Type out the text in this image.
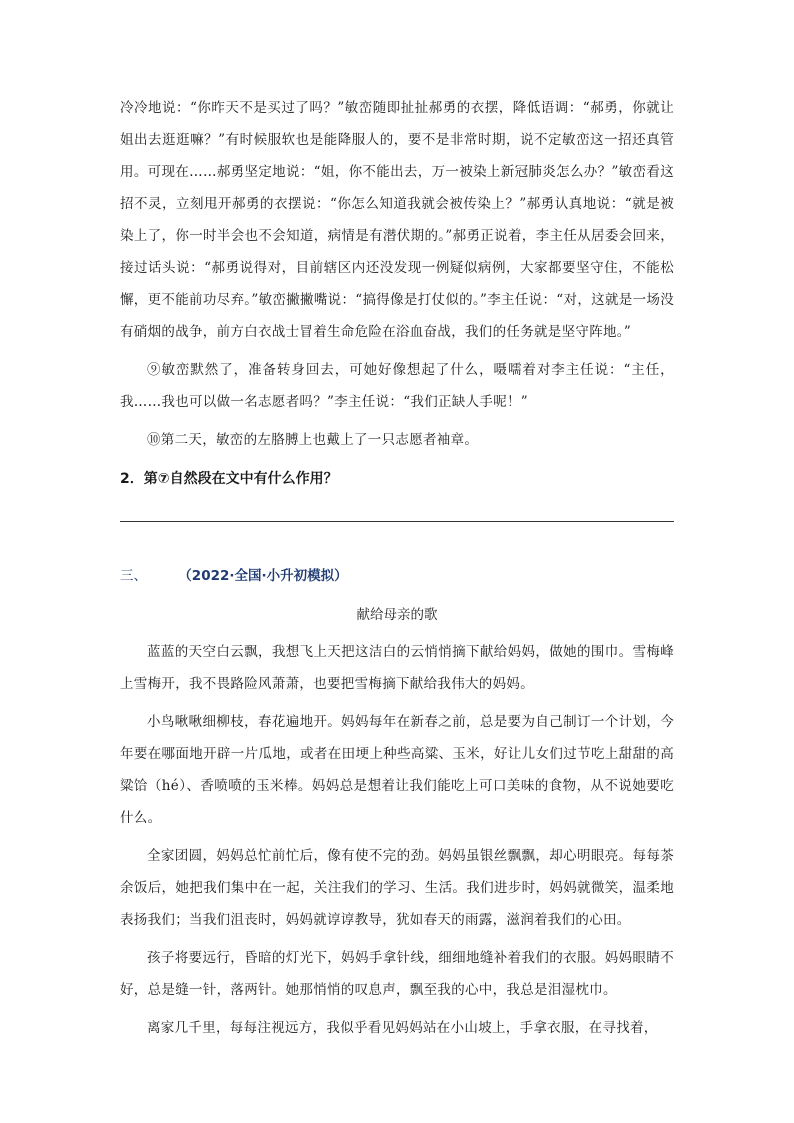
冷冷地说：“你昨天不是买过了吗？”敏峦随即扯扯郝勇的衣摆，降低语调：“郝勇，你就让姐出去逛逛嘛？”有时候服软也是能降服人的，要不是非常时期，说不定敏峦这一招还真管用。可现在……郝勇坚定地说：“姐，你不能出去，万一被染上新冠肺炎怎么办？”敏峦看这招不灵，立刻甩开郝勇的衣摆说：“你怎么知道我就会被传染上？”郝勇认真地说：“就是被染上了，你一时半会也不会知道，病情是有潜伏期的。”郝勇正说着，李主任从居委会回来，接过话头说：“郝勇说得对，目前辖区内还没发现一例疑似病例，大家都要坚守住，不能松懈，更不能前功尽弃。”敏峦撇撇嘴说：“搞得像是打仗似的。”李主任说：“对，这就是一场没有硝烟的战争，前方白衣战士冒着生命危险在浴血奋战，我们的任务就是坚守阵地。”

⑨敏峦默然了，准备转身回去，可她好像想起了什么，嗫嚅着对李主任说：“主任，我……我也可以做一名志愿者吗？”李主任说：“我们正缺人手呢！”

⑩第二天，敏峦的左胳膊上也戴上了一只志愿者袖章。

2．第⑦自然段在文中有什么作用？
三、 （2022·全国·小升初模拟）
献给母亲的歌

蓝蓝的天空白云飘，我想飞上天把这洁白的云悄悄摘下献给妈妈，做她的围巾。雪梅峰上雪梅开，我不畏路险风萧萧，也要把雪梅摘下献给我伟大的妈妈。

小鸟啾啾细柳枝，春花遍地开。妈妈每年在新春之前，总是要为自己制订一个计划，今年要在哪面地开辟一片瓜地，或者在田埂上种些高粱、玉米，好让儿女们过节吃上甜甜的高粱饸（hé）、香喷喷的玉米棒。妈妈总是想着让我们能吃上可口美味的食物，从不说她要吃什么。

全家团圆，妈妈总忙前忙后，像有使不完的劲。妈妈虽银丝飘飘，却心明眼亮。每每茶余饭后，她把我们集中在一起，关注我们的学习、生活。我们进步时，妈妈就微笑，温柔地表扬我们；当我们沮丧时，妈妈就谆谆教导，犹如春天的雨露，滋润着我们的心田。

孩子将要远行，昏暗的灯光下，妈妈手拿针线，细细地缝补着我们的衣服。妈妈眼睛不好，总是缝一针，落两针。她那悄悄的叹息声，飘至我的心中，我总是泪湿枕巾。

离家几千里，每每注视远方，我似乎看见妈妈站在小山坡上，手拿衣服，在寻找着，
